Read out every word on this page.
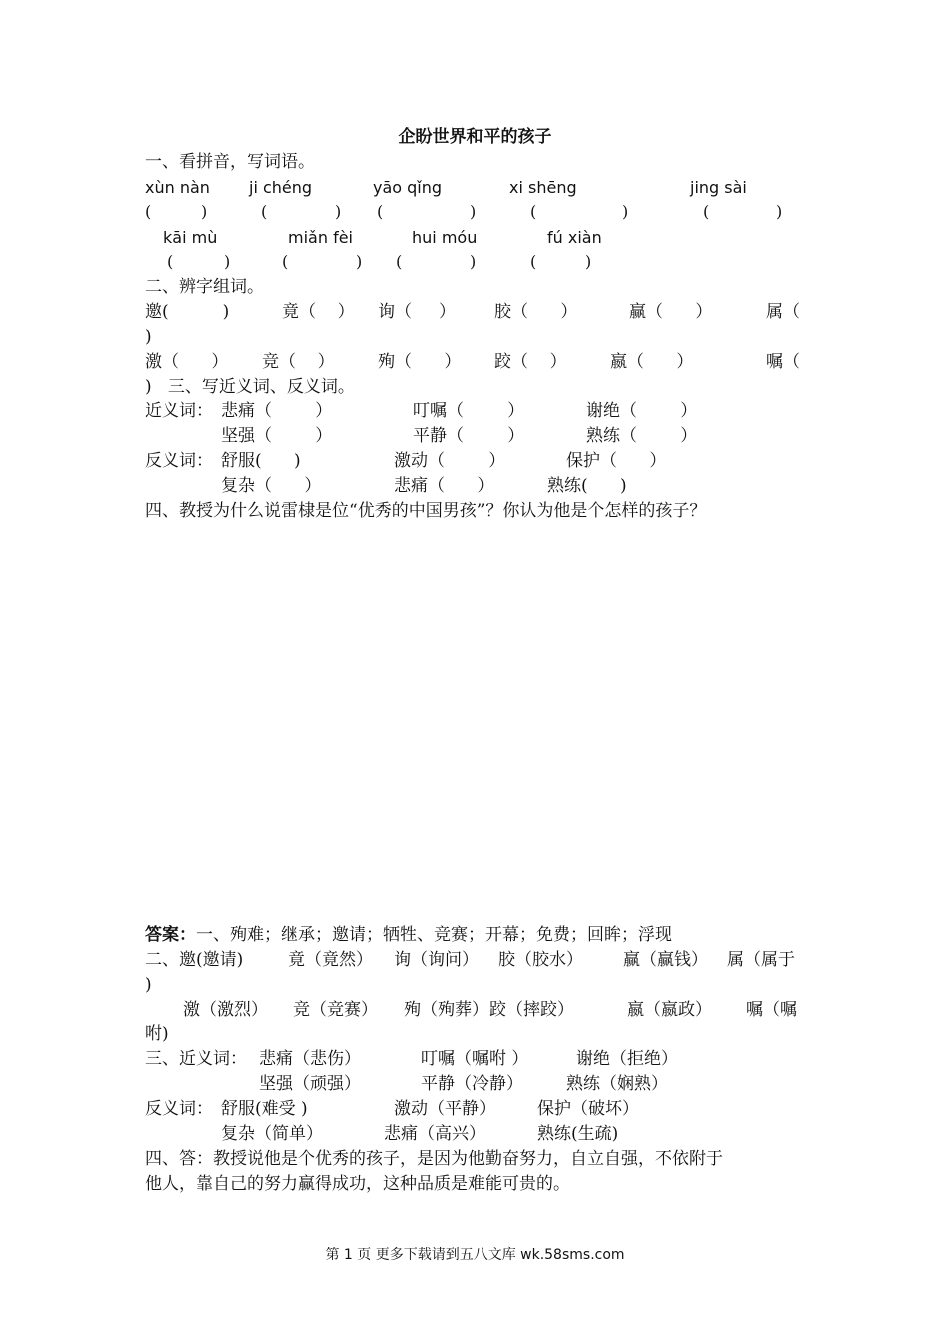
企盼世界和平的孩子
一、看拼音，写词语。
xùn nàn ji chéng	yāo qǐng	xi shēng	jing sài
(	)	(	) (	)	(	)	(	)
kāi mù	miǎn fèi	hui móu	fú xiàn
(	)	(	) (	)	(	)
二、辨字组词。
邀(          )	竟（    ） 询（     ） 胶（      ）	赢（      ）	属（
)
激（      ） 竞（    ）	殉（      ） 跤（    ）	嬴（      ）	嘱（
)   三、写近义词、反义词。
近义词： 悲痛（        ）	叮嘱（        ）	谢绝（        ）
坚强（        ）	平静（        ）	熟练（        ）
反义词： 舒服(      )	激动（        ）	保护（      ）
复杂（      ）	悲痛（      ）	熟练(      )
四、教授为什么说雷棣是位“优秀的中国男孩”？你认为他是个怎样的孩子？
答案：一、殉难；继承；邀请；牺牲、竞赛；开幕；免费；回眸；浮现
二、邀(邀请)	竟（竟然） 询（询问） 胶（胶水） 赢（赢钱） 属（属于
)
激（激烈） 竞（竞赛） 殉（殉葬）跤（摔跤）	嬴（嬴政） 嘱（嘱
咐)
三、近义词： 悲痛（悲伤）	叮嘱（嘱咐 ）	谢绝（拒绝）
坚强（顽强）	平静（冷静）	熟练（娴熟）
反义词： 舒服(难受 )	激动（平静） 保护（破坏）
复杂（简单）	悲痛（高兴）	熟练(生疏)
四、答：教授说他是个优秀的孩子，是因为他勤奋努力，自立自强，不依附于
他人，靠自己的努力赢得成功，这种品质是难能可贵的。
第 1 页 更多下载请到五八文库 wk.58sms.com
